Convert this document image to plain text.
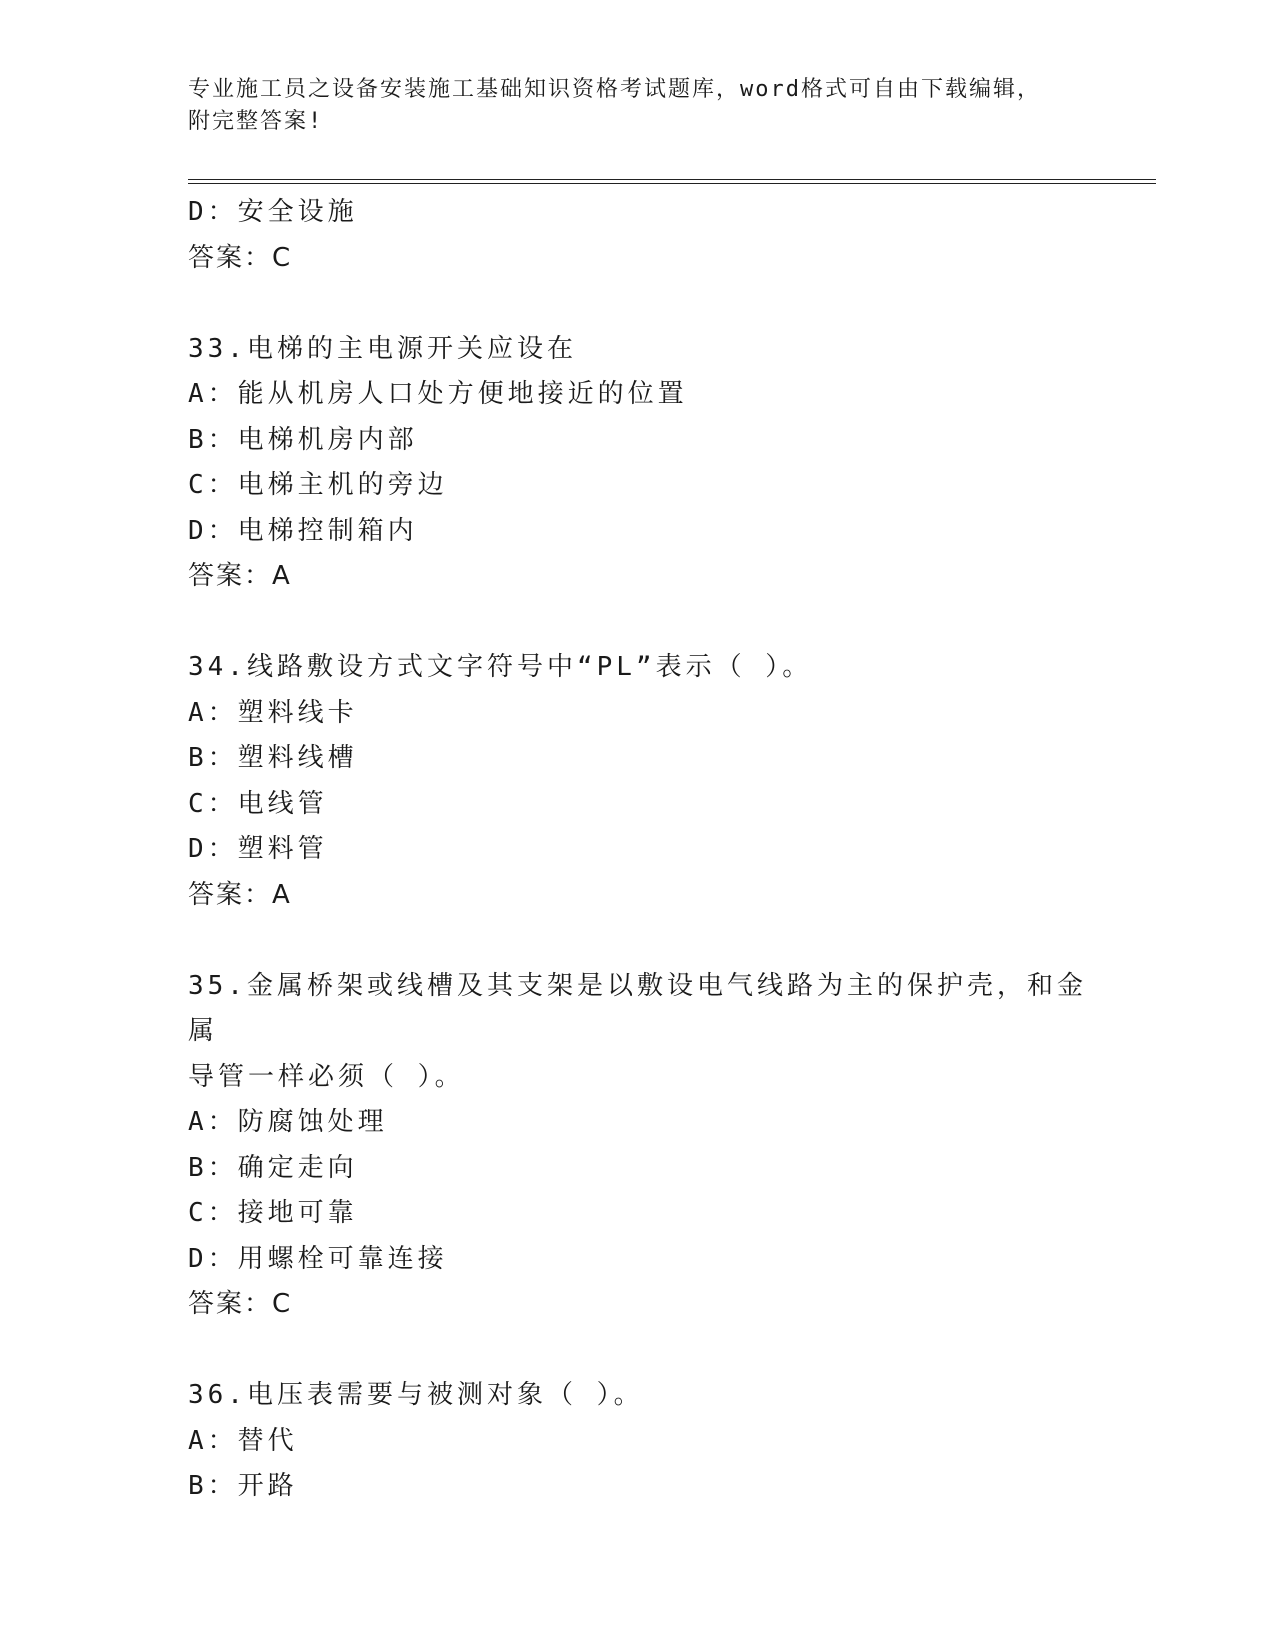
专业施工员之设备安装施工基础知识资格考试题库，word格式可自由下载编辑，
附完整答案!
D：安全设施
答案：C
33.电梯的主电源开关应设在
A：能从机房人口处方便地接近的位置
B：电梯机房内部
C：电梯主机的旁边
D：电梯控制箱内
答案：A
34.线路敷设方式文字符号中“PL”表示（ ）。
A：塑料线卡
B：塑料线槽
C：电线管
D：塑料管
答案：A
35.金属桥架或线槽及其支架是以敷设电气线路为主的保护壳，和金属
导管一样必须（ ）。
A：防腐蚀处理
B：确定走向
C：接地可靠
D：用螺栓可靠连接
答案：C
36.电压表需要与被测对象（ ）。
A：替代
B：开路
